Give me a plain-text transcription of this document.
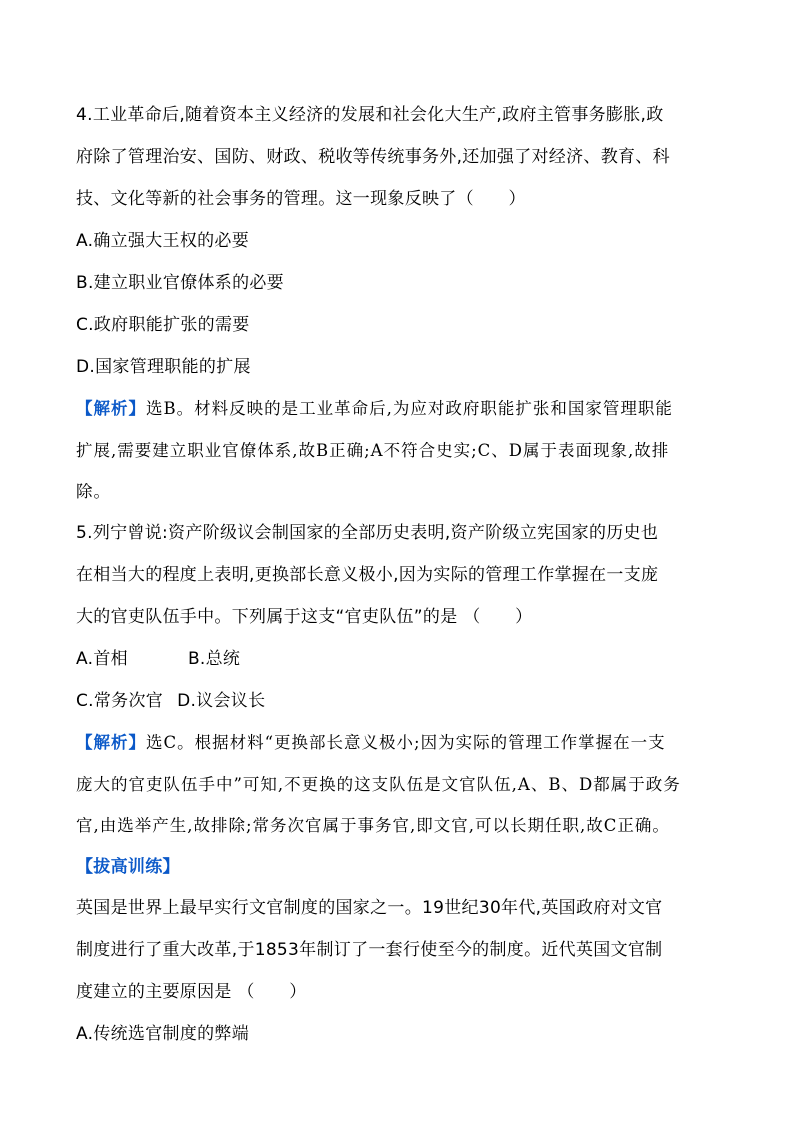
4.工业革命后,随着资本主义经济的发展和社会化大生产,政府主管事务膨胀,政
府除了管理治安、国防、财政、税收等传统事务外,还加强了对经济、教育、科
技、文化等新的社会事务的管理。这一现象反映了（　　）
A.确立强大王权的必要
B.建立职业官僚体系的必要
C.政府职能扩张的需要
D.国家管理职能的扩展
【解析】选B。材料反映的是工业革命后,为应对政府职能扩张和国家管理职能
扩展,需要建立职业官僚体系,故B正确;A不符合史实;C、D属于表面现象,故排
除。
5.列宁曾说:资产阶级议会制国家的全部历史表明,资产阶级立宪国家的历史也
在相当大的程度上表明,更换部长意义极小,因为实际的管理工作掌握在一支庞
大的官吏队伍手中。下列属于这支“官吏队伍”的是 （　　）
A.首相	B.总统
C.常务次官 D.议会议长
【解析】选C。根据材料“更换部长意义极小;因为实际的管理工作掌握在一支
庞大的官吏队伍手中”可知,不更换的这支队伍是文官队伍,A、B、D都属于政务
官,由选举产生,故排除;常务次官属于事务官,即文官,可以长期任职,故C正确。
【拔高训练】
英国是世界上最早实行文官制度的国家之一。19世纪30年代,英国政府对文官
制度进行了重大改革,于1853年制订了一套行使至今的制度。近代英国文官制
度建立的主要原因是 （　　）
A.传统选官制度的弊端
